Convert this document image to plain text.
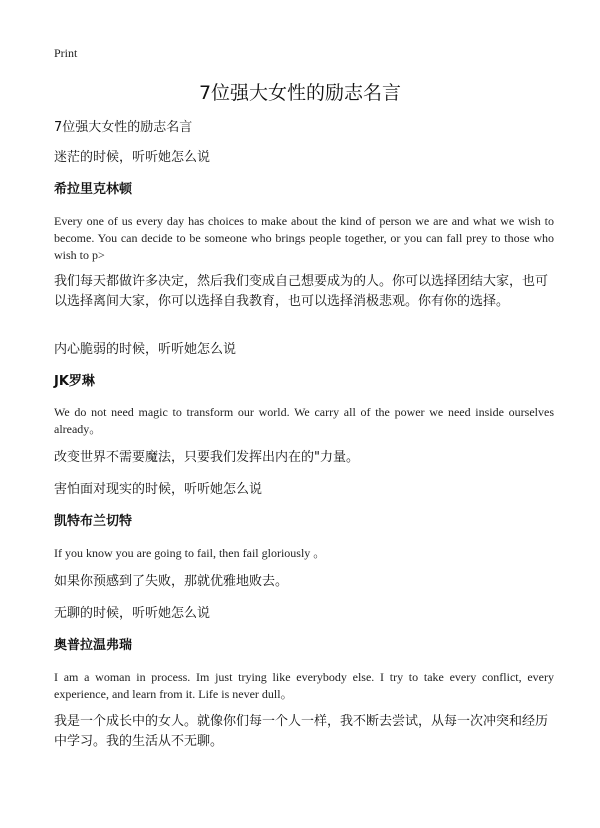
Print
7位强大女性的励志名言
7位强大女性的励志名言
迷茫的时候，听听她怎么说
希拉里克林顿
Every one of us every day has choices to make about the kind of person we are and what we wish to become. You can decide to be someone who brings people together, or you can fall prey to those who wish to p>
我们每天都做许多决定，然后我们变成自己想要成为的人。你可以选择团结大家，也可以选择离间大家，你可以选择自我教育，也可以选择消极悲观。你有你的选择。
内心脆弱的时候，听听她怎么说
JK罗琳
We do not need magic to transform our world. We carry all of the power we need inside ourselves already。
改变世界不需要魔法，只要我们发挥出内在的"力量。
害怕面对现实的时候，听听她怎么说
凯特布兰切特
If you know you are going to fail, then fail gloriously 。
如果你预感到了失败，那就优雅地败去。
无聊的时候，听听她怎么说
奥普拉温弗瑞
I am a woman in process. Im just trying like everybody else. I try to take every conflict, every experience, and learn from it. Life is never dull。
我是一个成长中的女人。就像你们每一个人一样，我不断去尝试，从每一次冲突和经历中学习。我的生活从不无聊。
